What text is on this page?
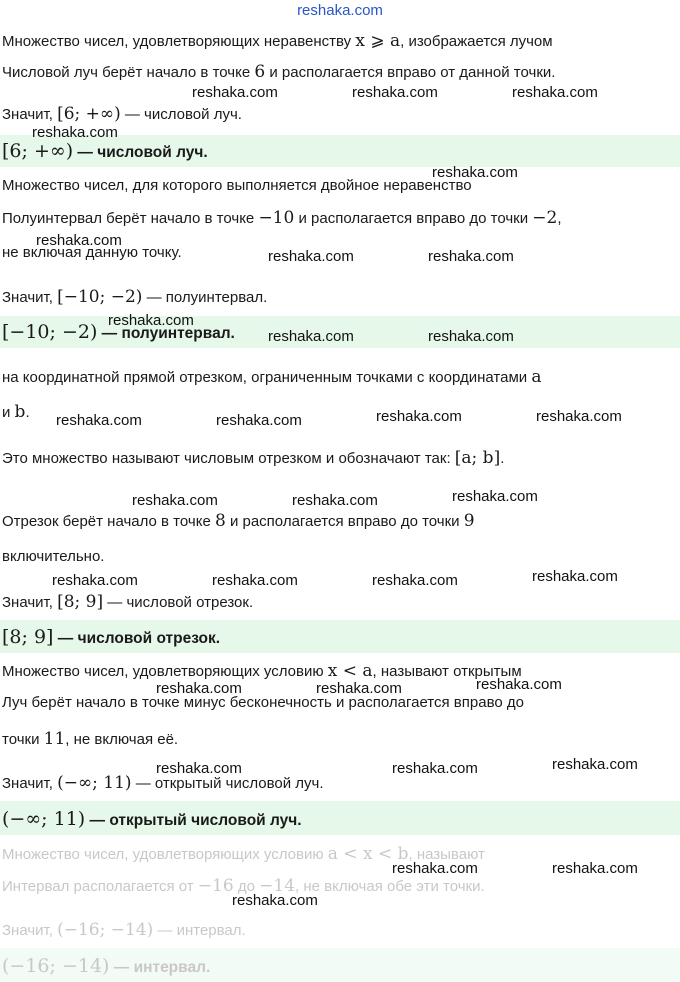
reshaka.com
Множество чисел, удовлетворяющих неравенству x ⩾ a, изображается лучом
Числовой луч берёт начало в точке 6 и располагается вправо от данной точки.
Значит, [6; +∞) — числовой луч.
[6; +∞) — числовой луч.
Множество чисел, для которого выполняется двойное неравенство
Полуинтервал берёт начало в точке −10 и располагается вправо до точки −2,
не включая данную точку.
Значит, [−10; −2) — полуинтервал.
[−10; −2) — полуинтервал.
на координатной прямой отрезком, ограниченным точками с координатами a
и b.
Это множество называют числовым отрезком и обозначают так: [a; b].
Отрезок берёт начало в точке 8 и располагается вправо до точки 9
включительно.
Значит, [8; 9] — числовой отрезок.
[8; 9] — числовой отрезок.
Множество чисел, удовлетворяющих условию x < a, называют открытым
Луч берёт начало в точке минус бесконечность и располагается вправо до
точки 11, не включая её.
Значит, (−∞; 11) — открытый числовой луч.
(−∞; 11) — открытый числовой луч.
Множество чисел, удовлетворяющих условию a < x < b, называют
Интервал располагается от −16 до −14, не включая обе эти точки.
Значит, (−16; −14) — интервал.
(−16; −14) — интервал.
reshaka.com	reshaka.com	reshaka.com
reshaka.com
reshaka.com
reshaka.com
reshaka.com	reshaka.com
reshaka.com
reshaka.com	reshaka.com
reshaka.com	reshaka.com	reshaka.com	reshaka.com
reshaka.com	reshaka.com	reshaka.com
reshaka.com	reshaka.com	reshaka.com	reshaka.com
reshaka.com	reshaka.com	reshaka.com
reshaka.com	reshaka.com	reshaka.com
reshaka.com	reshaka.com
reshaka.com
